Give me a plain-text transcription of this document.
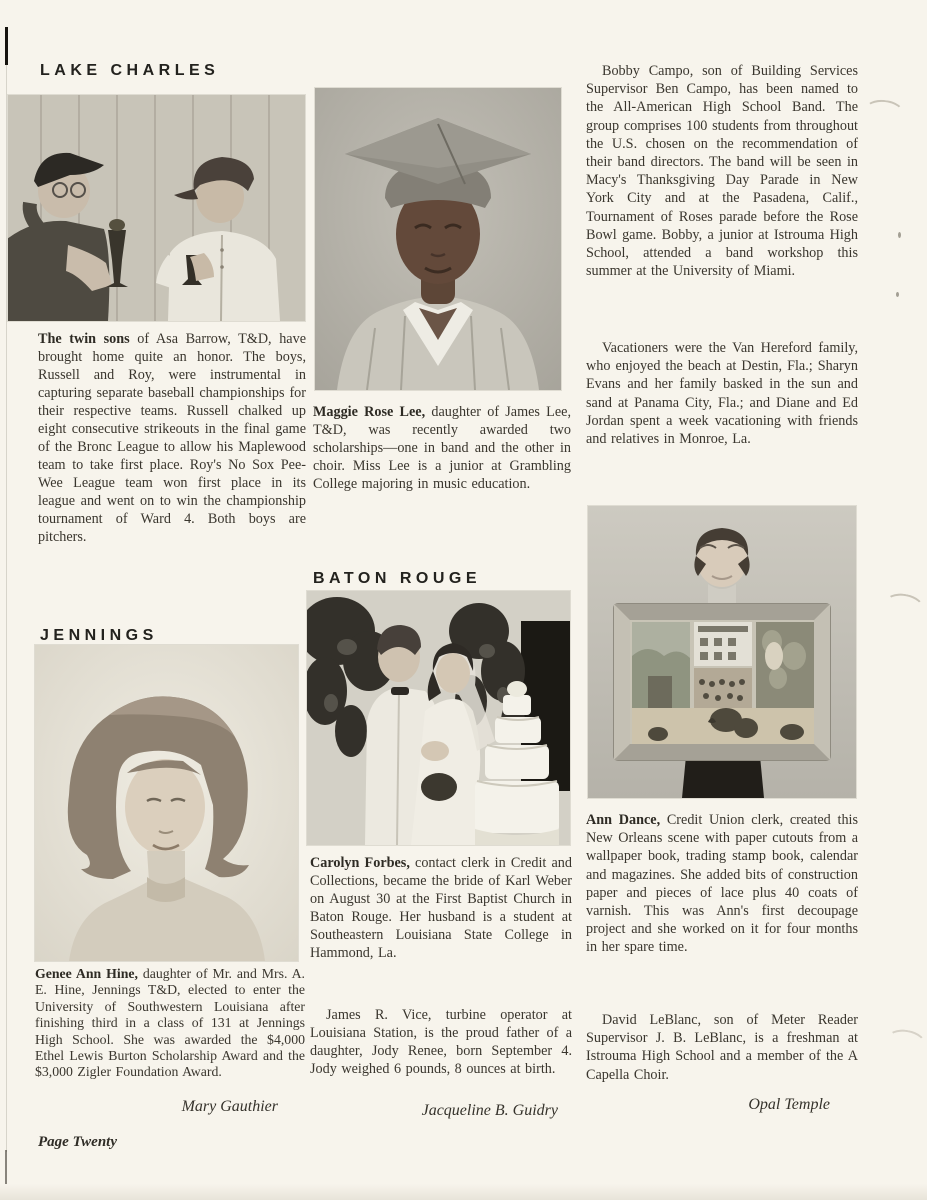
LAKE CHARLES
The twin sons of Asa Barrow, T&D, have brought home quite an honor. The boys, Russell and Roy, were instrumental in capturing separate baseball championships for their respective teams. Russell chalked up eight consecutive strikeouts in the final game of the Bronc League to allow his Maplewood team to take first place. Roy's No Sox Pee-Wee League team won first place in its league and went on to win the championship tournament of Ward 4. Both boys are pitchers.
JENNINGS
Genee Ann Hine, daughter of Mr. and Mrs. A. E. Hine, Jennings T&D, elected to enter the University of Southwestern Louisiana after finishing third in a class of 131 at Jennings High School. She was awarded the $4,000 Ethel Lewis Burton Scholarship Award and the $3,000 Zigler Foundation Award.
Mary Gauthier
Page Twenty
Maggie Rose Lee, daughter of James Lee, T&D, was recently awarded two scholarships—one in band and the other in choir. Miss Lee is a junior at Grambling College majoring in music education.
BATON ROUGE
Carolyn Forbes, contact clerk in Credit and Collections, became the bride of Karl Weber on August 30 at the First Baptist Church in Baton Rouge. Her husband is a student at Southeastern Louisiana State College in Hammond, La.
James R. Vice, turbine operator at Louisiana Station, is the proud father of a daughter, Jody Renee, born September 4. Jody weighed 6 pounds, 8 ounces at birth.
Jacqueline B. Guidry
Bobby Campo, son of Building Services Supervisor Ben Campo, has been named to the All-American High School Band. The group comprises 100 students from throughout the U.S. chosen on the recommendation of their band directors. The band will be seen in Macy's Thanksgiving Day Parade in New York City and at the Pasadena, Calif., Tournament of Roses parade before the Rose Bowl game. Bobby, a junior at Istrouma High School, attended a band workshop this summer at the University of Miami.
Vacationers were the Van Hereford family, who enjoyed the beach at Destin, Fla.; Sharyn Evans and her family basked in the sun and sand at Panama City, Fla.; and Diane and Ed Jordan spent a week vacationing with friends and relatives in Monroe, La.
Ann Dance, Credit Union clerk, created this New Orleans scene with paper cutouts from a wallpaper book, trading stamp book, calendar and magazines. She added bits of construction paper and pieces of lace plus 40 coats of varnish. This was Ann's first decoupage project and she worked on it for four months in her spare time.
David LeBlanc, son of Meter Reader Supervisor J. B. LeBlanc, is a freshman at Istrouma High School and a member of the A Capella Choir.
Opal Temple
